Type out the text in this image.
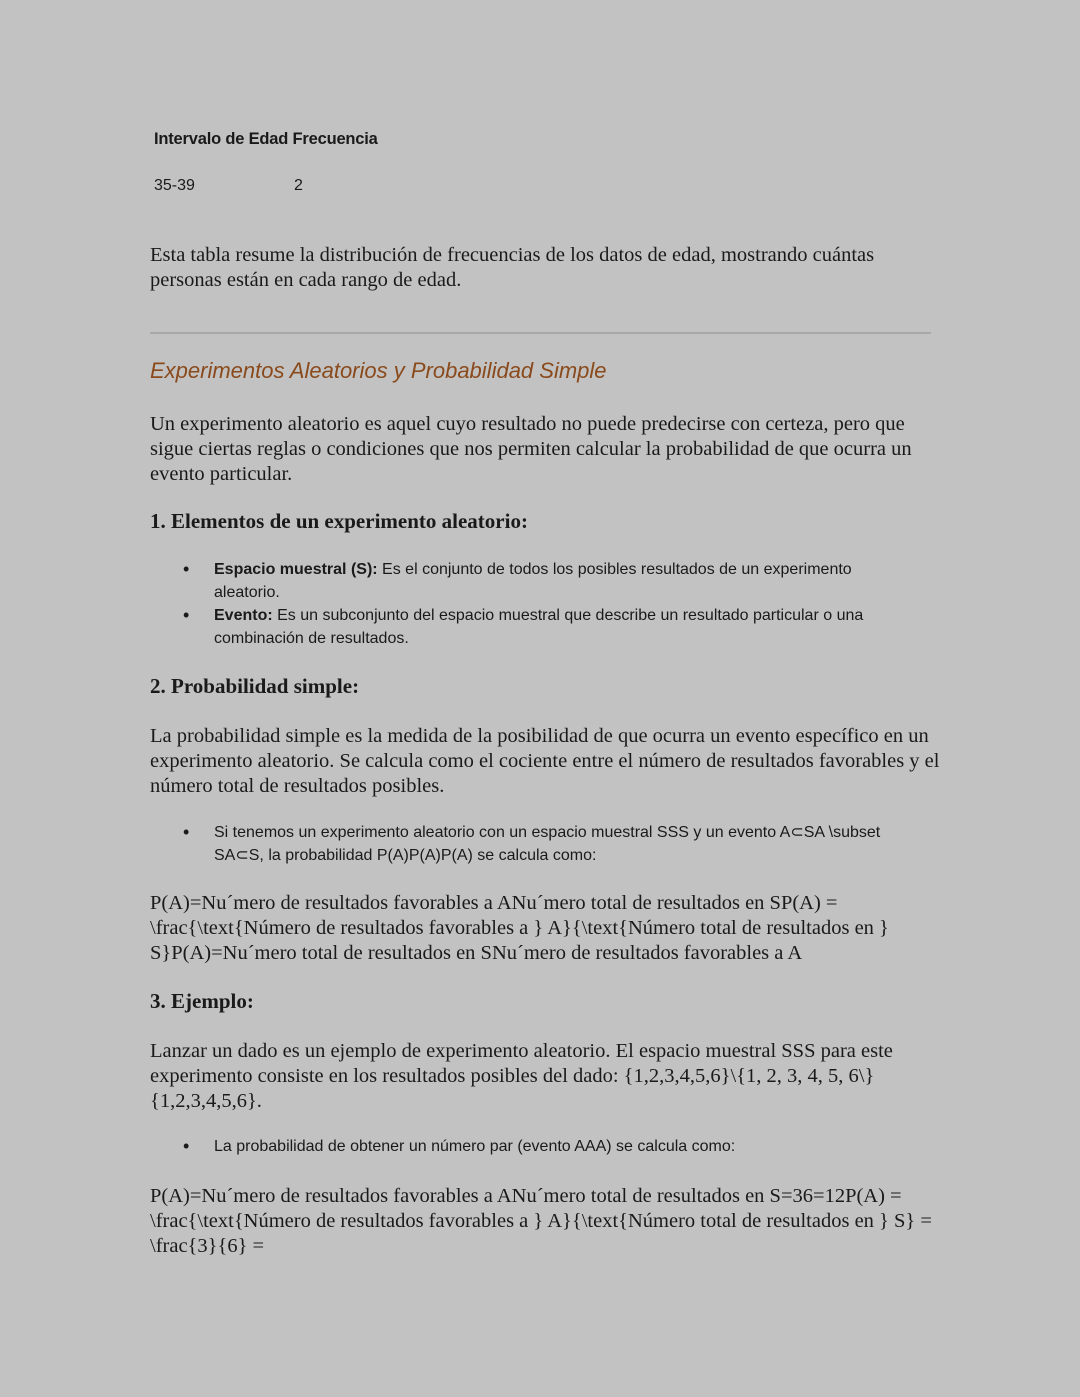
Intervalo de Edad Frecuencia
35-39	2
Esta tabla resume la distribución de frecuencias de los datos de edad, mostrando cuántas personas están en cada rango de edad.
Experimentos Aleatorios y Probabilidad Simple
Un experimento aleatorio es aquel cuyo resultado no puede predecirse con certeza, pero que sigue ciertas reglas o condiciones que nos permiten calcular la probabilidad de que ocurra un evento particular.
1. Elementos de un experimento aleatorio:
• Espacio muestral (S): Es el conjunto de todos los posibles resultados de un experimento aleatorio.
• Evento: Es un subconjunto del espacio muestral que describe un resultado particular o una combinación de resultados.
2. Probabilidad simple:
La probabilidad simple es la medida de la posibilidad de que ocurra un evento específico en un experimento aleatorio. Se calcula como el cociente entre el número de resultados favorables y el número total de resultados posibles.
• Si tenemos un experimento aleatorio con un espacio muestral SSS y un evento A⊂SA \subset SA⊂S, la probabilidad P(A)P(A)P(A) se calcula como:
P(A)=Nu´mero de resultados favorables a ANu´mero total de resultados en SP(A) = \frac{\text{Número de resultados favorables a } A}{\text{Número total de resultados en } S}P(A)=Nu´mero total de resultados en SNu´mero de resultados favorables a A
3. Ejemplo:
Lanzar un dado es un ejemplo de experimento aleatorio. El espacio muestral SSS para este experimento consiste en los resultados posibles del dado: {1,2,3,4,5,6}\{1, 2, 3, 4, 5, 6\}{1,2,3,4,5,6}.
• La probabilidad de obtener un número par (evento AAA) se calcula como:
P(A)=Nu´mero de resultados favorables a ANu´mero total de resultados en S=36=12P(A) = \frac{\text{Número de resultados favorables a } A}{\text{Número total de resultados en } S} = \frac{3}{6} =
